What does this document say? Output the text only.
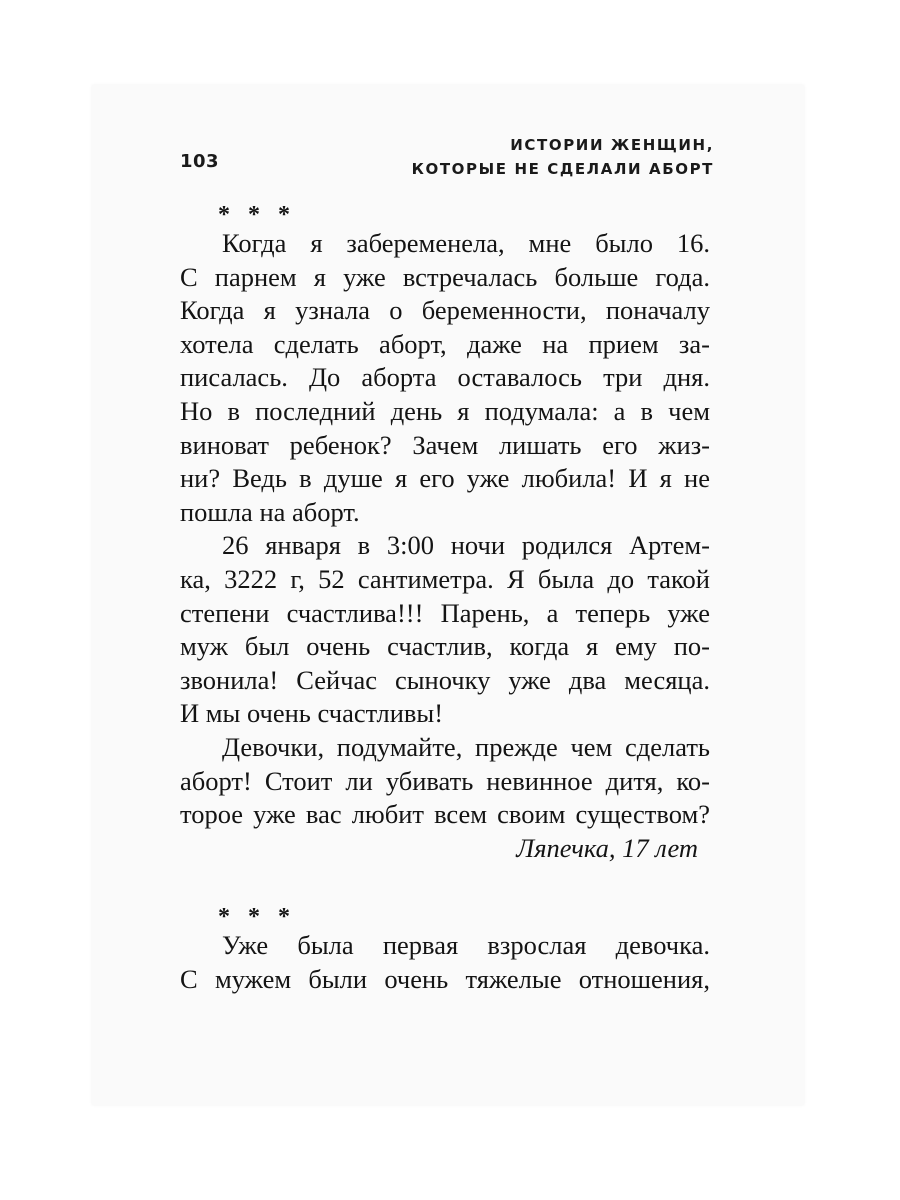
103
ИСТОРИИ ЖЕНЩИН,
КОТОРЫЕ НЕ СДЕЛАЛИ АБОРТ
* * *
Когда я забеременела, мне было 16.
С парнем я уже встречалась больше года.
Когда я узнала о беременности, поначалу
хотела сделать аборт, даже на прием за-
писалась. До аборта оставалось три дня.
Но в последний день я подумала: а в чем
виноват ребенок? Зачем лишать его жиз-
ни? Ведь в душе я его уже любила! И я не
пошла на аборт.
26 января в 3:00 ночи родился Артем-
ка, 3222 г, 52 сантиметра. Я была до такой
степени счастлива!!! Парень, а теперь уже
муж был очень счастлив, когда я ему по-
звонила! Сейчас сыночку уже два месяца.
И мы очень счастливы!
Девочки, подумайте, прежде чем сделать
аборт! Стоит ли убивать невинное дитя, ко-
торое уже вас любит всем своим существом?
Ляпечка, 17 лет
* * *
Уже была первая взрослая девочка.
С мужем были очень тяжелые отношения,
